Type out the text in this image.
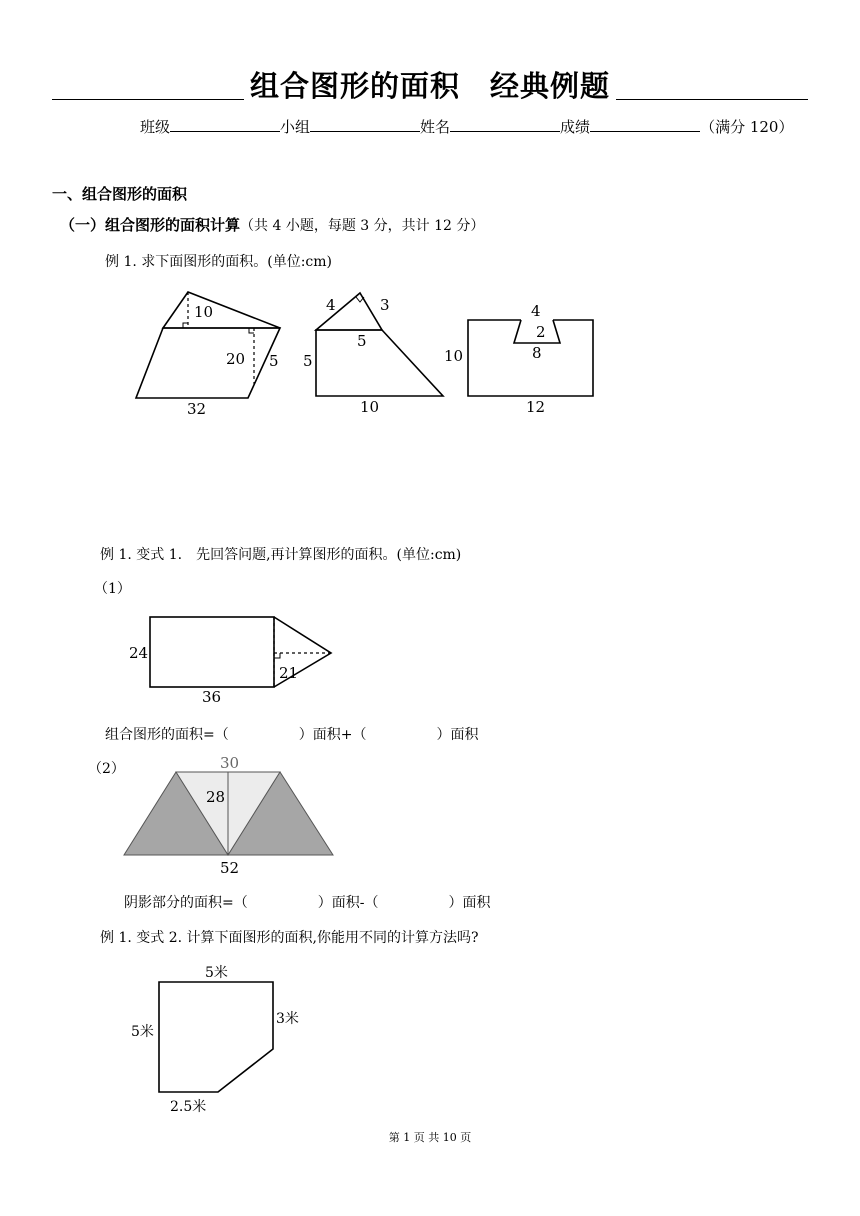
组合图形的面积　经典例题
班级	小组	姓名	成绩	（满分 120）
一、组合图形的面积
（一）组合图形的面积计算（共 4 小题，每题 3 分，共计 12 分）
例 1. 求下面图形的面积。(单位:cm)
10
20 5
32
4	3
5
5
10
4
2
8
10
12
例 1. 变式 1.　先回答问题,再计算图形的面积。(单位:cm)
（1）
24
21
36
组合图形的面积=（　　　　　）面积+（　　　　　）面积
（2）	30
28
52
阴影部分的面积=（　　　　　）面积-（　　　　　）面积
例 1. 变式 2. 计算下面图形的面积,你能用不同的计算方法吗?
5米
5米
3米
2.5米
第 1 页 共 10 页
